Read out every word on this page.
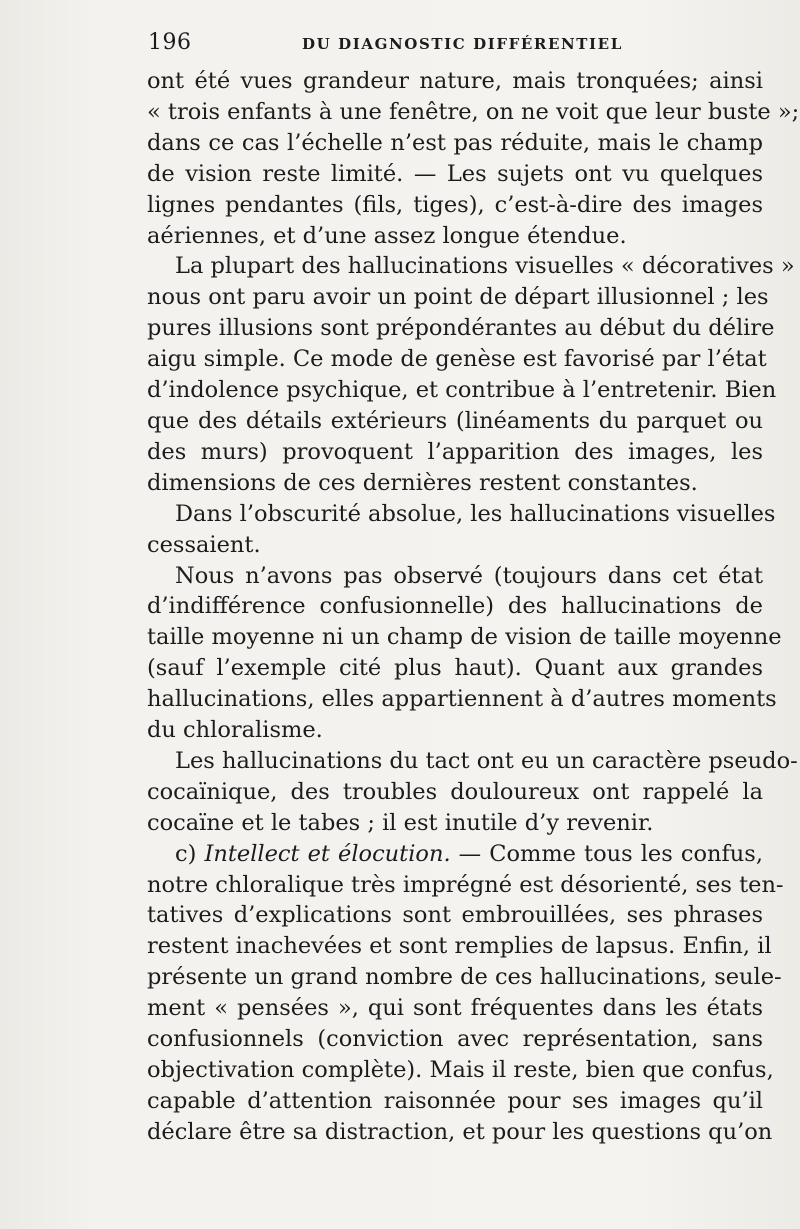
196	DU DIAGNOSTIC DIFFÉRENTIEL
ont été vues grandeur nature, mais tronquées; ainsi
« trois enfants à une fenêtre, on ne voit que leur buste »;
dans ce cas l’échelle n’est pas réduite, mais le champ
de vision reste limité. — Les sujets ont vu quelques
lignes pendantes (fils, tiges), c’est-à-dire des images
aériennes, et d’une assez longue étendue.
La plupart des hallucinations visuelles « décoratives »
nous ont paru avoir un point de départ illusionnel ; les
pures illusions sont prépondérantes au début du délire
aigu simple. Ce mode de genèse est favorisé par l’état
d’indolence psychique, et contribue à l’entretenir. Bien
que des détails extérieurs (linéaments du parquet ou
des murs) provoquent l’apparition des images, les
dimensions de ces dernières restent constantes.
Dans l’obscurité absolue, les hallucinations visuelles
cessaient.
Nous n’avons pas observé (toujours dans cet état
d’indifférence confusionnelle) des hallucinations de
taille moyenne ni un champ de vision de taille moyenne
(sauf l’exemple cité plus haut). Quant aux grandes
hallucinations, elles appartiennent à d’autres moments
du chloralisme.
Les hallucinations du tact ont eu un caractère pseudo-
cocaïnique, des troubles douloureux ont rappelé la
cocaïne et le tabes ; il est inutile d’y revenir.
c) Intellect et élocution. — Comme tous les confus,
notre chloralique très imprégné est désorienté, ses ten-
tatives d’explications sont embrouillées, ses phrases
restent inachevées et sont remplies de lapsus. Enfin, il
présente un grand nombre de ces hallucinations, seule-
ment « pensées », qui sont fréquentes dans les états
confusionnels (conviction avec représentation, sans
objectivation complète). Mais il reste, bien que confus,
capable d’attention raisonnée pour ses images qu’il
déclare être sa distraction, et pour les questions qu’on
